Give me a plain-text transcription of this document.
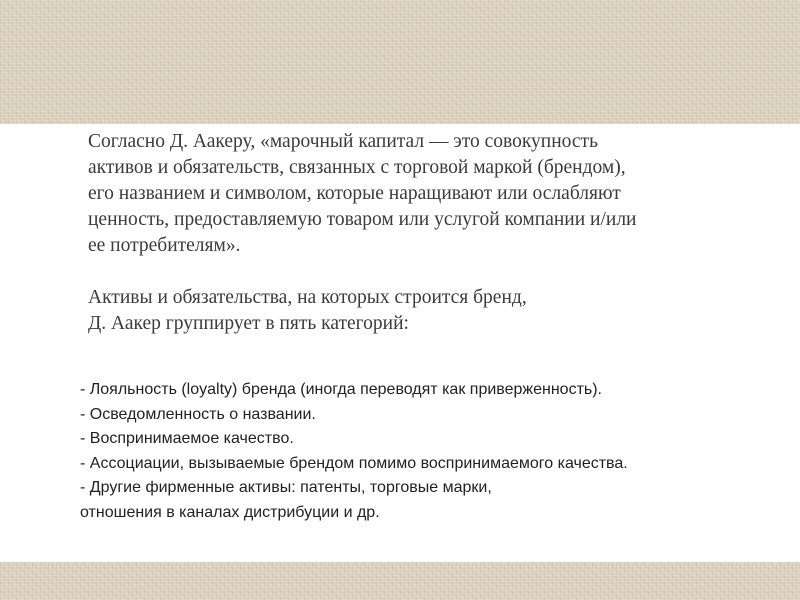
Согласно Д. Аакеру, «марочный капитал — это совокупность
активов и обязательств, связанных с торговой маркой (брендом),
его названием и символом, которые наращивают или ослабляют
ценность, предоставляемую товаром или услугой компании и/или
ее потребителям».

Активы и обязательства, на которых строится бренд,
Д. Аакер группирует в пять категорий:

- Лояльность (loyalty) бренда (иногда переводят как приверженность).
- Осведомленность о названии.
- Воспринимаемое качество.
- Ассоциации, вызываемые брендом помимо воспринимаемого качества.
- Другие фирменные активы: патенты, торговые марки,
отношения в каналах дистрибуции и др.
